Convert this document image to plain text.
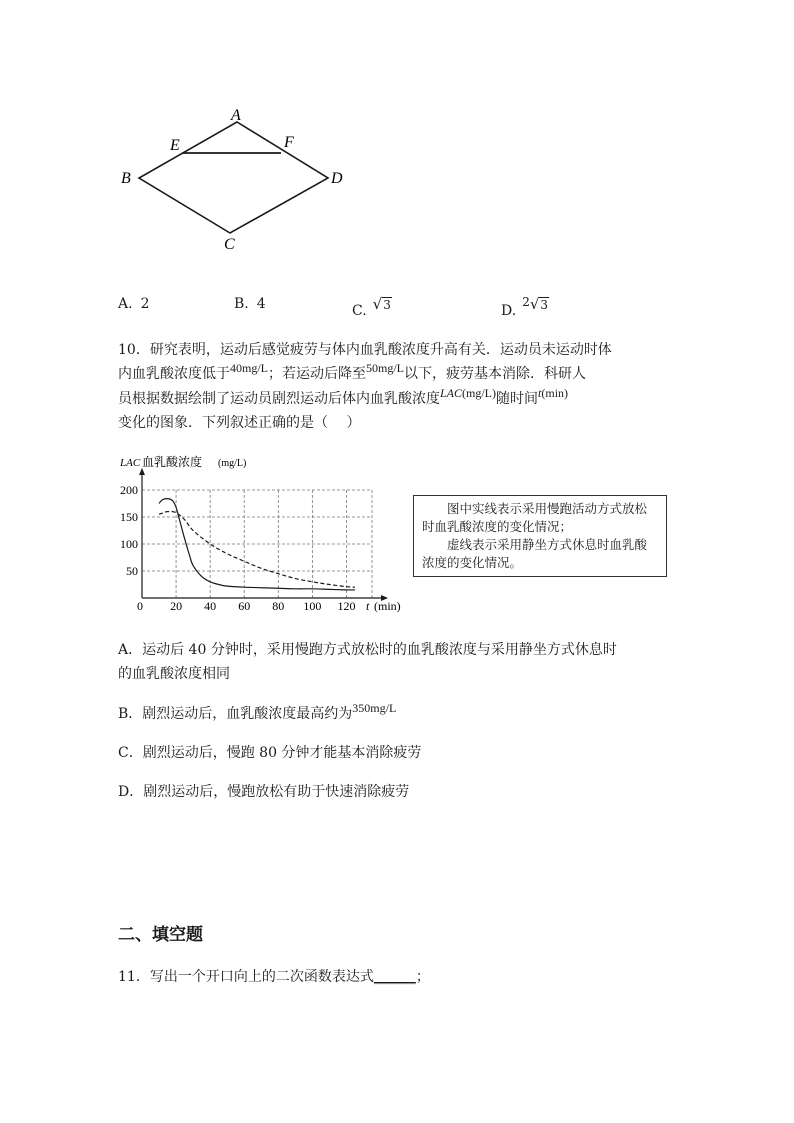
A
E	F
B	D
C
A. 2	B. 4	C. √3	D.2√3
10．研究表明，运动后感觉疲劳与体内血乳酸浓度升高有关．运动员未运动时体
内血乳酸浓度低于40mg/L；若运动后降至50mg/L以下，疲劳基本消除．科研人
员根据数据绘制了运动员剧烈运动后体内血乳酸浓度LAC(mg/L)随时间t(min)
变化的图象．下列叙述正确的是（　 ）
50
100
150
200
20 40 60 80 100 120
LAC 血乳酸浓度 (mg/L)
t (min)
0

图中实线表示采用慢跑活动方式放松时血乳酸浓度的变化情况；

虚线表示采用静坐方式休息时血乳酸浓度的变化情况。

A．运动后 40 分钟时，采用慢跑方式放松时的血乳酸浓度与采用静坐方式休息时
的血乳酸浓度相同
B．剧烈运动后，血乳酸浓度最高约为350mg/L
C．剧烈运动后，慢跑 80 分钟才能基本消除疲劳
D．剧烈运动后，慢跑放松有助于快速消除疲劳
二、填空题
11．写出一个开口向上的二次函数表达式______；
